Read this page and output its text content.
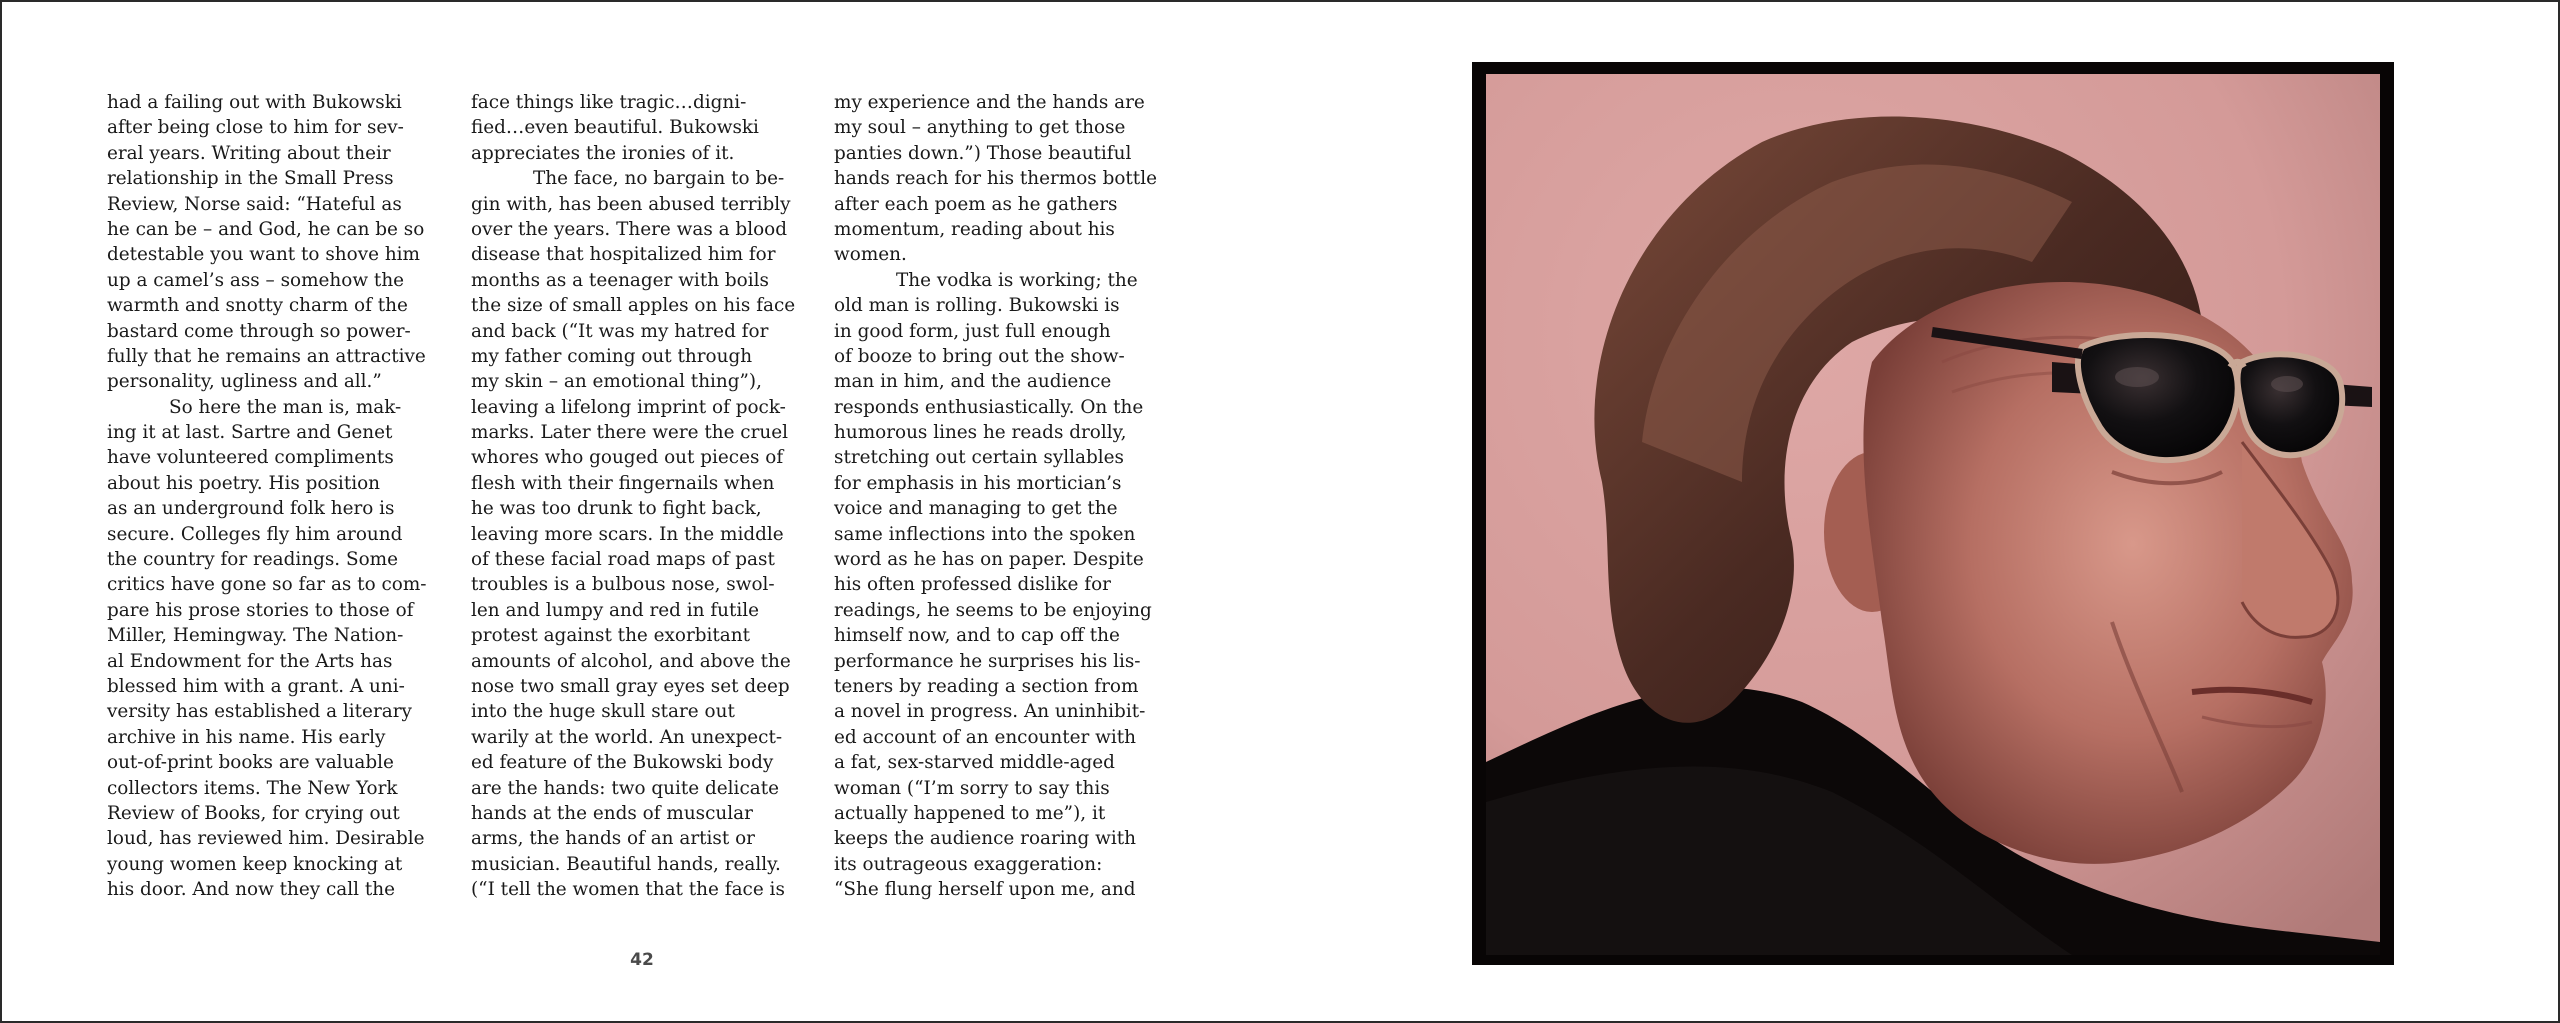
had a failing out with Bukowski
after being close to him for sev-
eral years. Writing about their
relationship in the Small Press
Review, Norse said: “Hateful as
he can be – and God, he can be so
detestable you want to shove him
up a camel’s ass – somehow the
warmth and snotty charm of the
bastard come through so power-
fully that he remains an attractive
personality, ugliness and all.”
So here the man is, mak-
ing it at last. Sartre and Genet
have volunteered compliments
about his poetry. His position
as an underground folk hero is
secure. Colleges fly him around
the country for readings. Some
critics have gone so far as to com-
pare his prose stories to those of
Miller, Hemingway. The Nation-
al Endowment for the Arts has
blessed him with a grant. A uni-
versity has established a literary
archive in his name. His early
out-of-print books are valuable
collectors items. The New York
Review of Books, for crying out
loud, has reviewed him. Desirable
young women keep knocking at
his door. And now they call the
face things like tragic…digni-
fied…even beautiful. Bukowski
appreciates the ironies of it.
The face, no bargain to be-
gin with, has been abused terribly
over the years. There was a blood
disease that hospitalized him for
months as a teenager with boils
the size of small apples on his face
and back (“It was my hatred for
my father coming out through
my skin – an emotional thing”),
leaving a lifelong imprint of pock-
marks. Later there were the cruel
whores who gouged out pieces of
flesh with their fingernails when
he was too drunk to fight back,
leaving more scars. In the middle
of these facial road maps of past
troubles is a bulbous nose, swol-
len and lumpy and red in futile
protest against the exorbitant
amounts of alcohol, and above the
nose two small gray eyes set deep
into the huge skull stare out
warily at the world. An unexpect-
ed feature of the Bukowski body
are the hands: two quite delicate
hands at the ends of muscular
arms, the hands of an artist or
musician. Beautiful hands, really.
(“I tell the women that the face is
my experience and the hands are
my soul – anything to get those
panties down.”) Those beautiful
hands reach for his thermos bottle
after each poem as he gathers
momentum, reading about his
women.
The vodka is working; the
old man is rolling. Bukowski is
in good form, just full enough
of booze to bring out the show-
man in him, and the audience
responds enthusiastically. On the
humorous lines he reads drolly,
stretching out certain syllables
for emphasis in his mortician’s
voice and managing to get the
same inflections into the spoken
word as he has on paper. Despite
his often professed dislike for
readings, he seems to be enjoying
himself now, and to cap off the
performance he surprises his lis-
teners by reading a section from
a novel in progress. An uninhibit-
ed account of an encounter with
a fat, sex-starved middle-aged
woman (“I’m sorry to say this
actually happened to me”), it
keeps the audience roaring with
its outrageous exaggeration:
“She flung herself upon me, and
42
